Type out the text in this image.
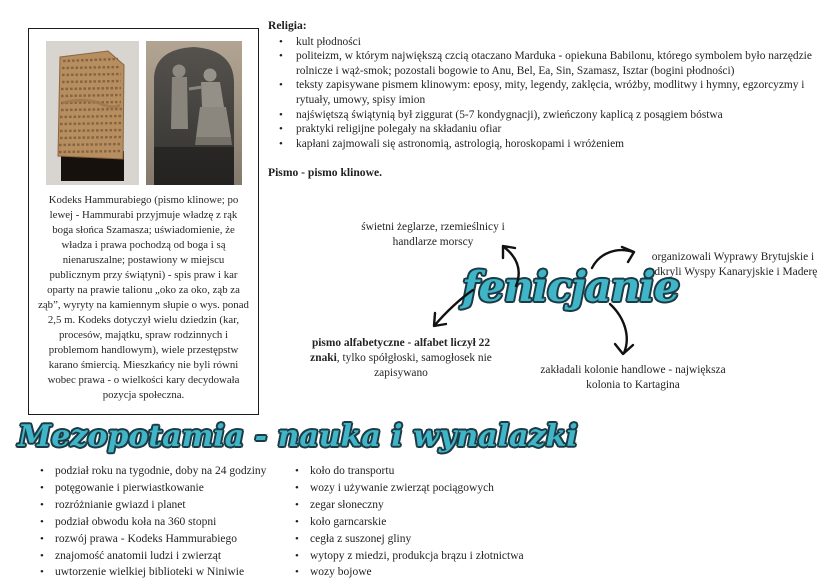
Kodeks Hammurabiego (pismo klinowe; po lewej - Hammurabi przyjmuje władzę z rąk boga słońca Szamasza; uświadomienie, że władza i prawa pochodzą od boga i są nienaruszalne; postawiony w miejscu publicznym przy świątyni) - spis praw i kar oparty na prawie talionu „oko za oko, ząb za ząb”, wyryty na kamiennym słupie o wys. ponad 2,5 m. Kodeks dotyczył wielu dziedzin (kar, procesów, majątku, spraw rodzinnych i problemom handlowym), wiele przestępstw karano śmiercią. Mieszkańcy nie byli równi wobec prawa - o wielkości kary decydowała pozycja społeczna.

Religia:
• kult płodności
• politeizm, w którym największą czcią otaczano Marduka - opiekuna Babilonu, którego symbolem było narzędzie rolnicze i wąż-smok; pozostali bogowie to Anu, Bel, Ea, Sin, Szamasz, Isztar (bogini płodności)
• teksty zapisywane pismem klinowym: eposy, mity, legendy, zaklęcia, wróżby, modlitwy i hymny, egzorcyzmy i rytuały, umowy, spisy imion
• najświętszą świątynią był ziggurat (5-7 kondygnacji), zwieńczony kaplicą z posągiem bóstwa
• praktyki religijne polegały na składaniu ofiar
• kapłani zajmowali się astronomią, astrologią, horoskopami i wróżeniem

Pismo - pismo klinowe.

świetni żeglarze, rzemieślnicy i handlarze morscy
organizowali Wyprawy Brytujskie i odkryli Wyspy Kanaryjskie i Maderę
fenicjanie
pismo alfabetyczne - alfabet liczył 22 znaki, tylko spółgłoski, samogłosek nie zapisywano	zakładali kolonie handlowe - największa kolonia to Kartagina
Mezopotamia - nauka i wynalazki
• podział roku na tygodnie, doby na 24 godziny
• potęgowanie i pierwiastkowanie
• rozróżnianie gwiazd i planet
• podział obwodu koła na 360 stopni
• rozwój prawa - Kodeks Hammurabiego
• znajomość anatomii ludzi i zwierząt
• uwtorzenie wielkiej biblioteki w Niniwie
• koło do transportu
• wozy i używanie zwierząt pociągowych
• zegar słoneczny
• koło garncarskie
• cegła z suszonej gliny
• wytopy z miedzi, produkcja brązu i złotnictwa
• wozy bojowe
